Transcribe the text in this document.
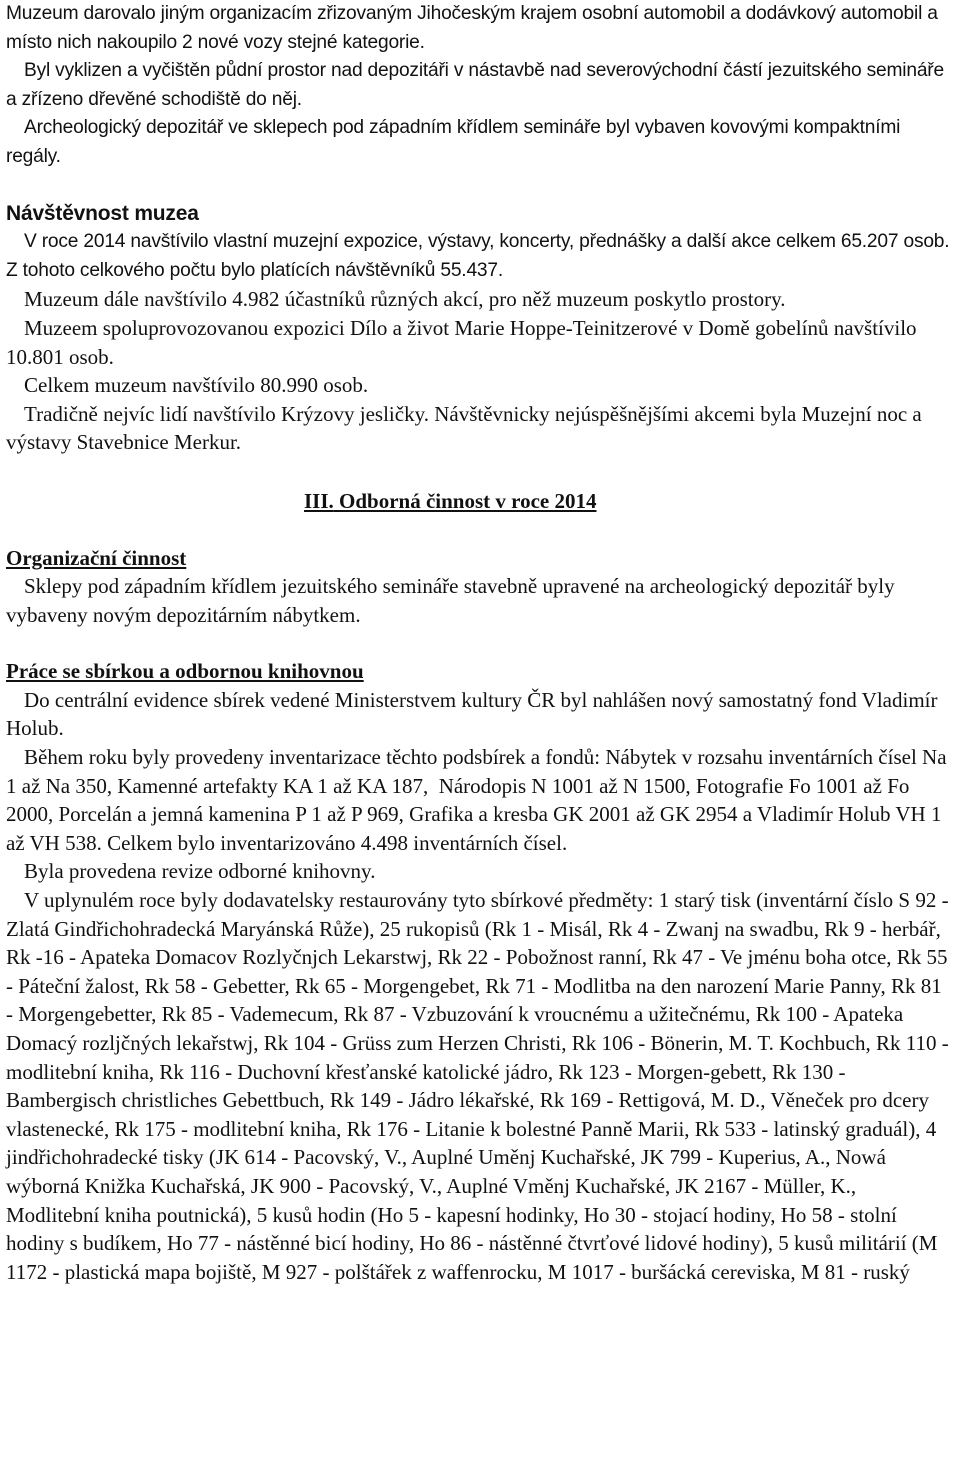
Muzeum darovalo jiným organizacím zřizovaným Jihočeským krajem osobní automobil a dodávkový automobil a místo nich nakoupilo 2 nové vozy stejné kategorie.

Byl vyklizen a vyčištěn půdní prostor nad depozitáři v nástavbě nad severovýchodní částí jezuitského semináře a zřízeno dřevěné schodiště do něj.

Archeologický depozitář ve sklepech pod západním křídlem semináře byl vybaven kovovými kompaktními regály.

Návštěvnost muzea

V roce 2014 navštívilo vlastní muzejní expozice, výstavy, koncerty, přednášky a další akce celkem 65.207 osob. Z tohoto celkového počtu bylo platících návštěvníků 55.437.

Muzeum dále navštívilo 4.982 účastníků různých akcí, pro něž muzeum poskytlo prostory.

Muzeem spoluprovozovanou expozici Dílo a život Marie Hoppe-Teinitzerové v Domě gobelínů navštívilo 10.801 osob.

Celkem muzeum navštívilo 80.990 osob.

Tradičně nejvíc lidí navštívilo Krýzovy jesličky. Návštěvnicky nejúspěšnějšími akcemi byla Muzejní noc a
výstavy Stavebnice Merkur.

III. Odborná činnost v roce 2014

Organizační činnost

Sklepy pod západním křídlem jezuitského semináře stavebně upravené na archeologický depozitář byly vybaveny novým depozitárním nábytkem.

Práce se sbírkou a odbornou knihovnou

Do centrální evidence sbírek vedené Ministerstvem kultury ČR byl nahlášen nový samostatný fond Vladimír Holub.

Během roku byly provedeny inventarizace těchto podsbírek a fondů: Nábytek v rozsahu inventárních čísel Na 1 až Na 350, Kamenné artefakty KA 1 až KA 187,  Národopis N 1001 až N 1500, Fotografie Fo 1001 až Fo 2000, Porcelán a jemná kamenina P 1 až P 969, Grafika a kresba GK 2001 až GK 2954 a Vladimír Holub VH 1 až VH 538. Celkem bylo inventarizováno 4.498 inventárních čísel.

Byla provedena revize odborné knihovny.

V uplynulém roce byly dodavatelsky restaurovány tyto sbírkové předměty: 1 starý tisk (inventární číslo S 92 - Zlatá Gindřichohradecká Maryánská Růže), 25 rukopisů (Rk 1 - Misál, Rk 4 - Zwanj na swadbu, Rk 9 - herbář, Rk -16 - Apateka Domacov Rozlyčnjch Lekarstwj, Rk 22 - Pobožnost ranní, Rk 47 - Ve jménu boha otce, Rk 55 - Páteční žalost, Rk 58 - Gebetter, Rk 65 - Morgengebet, Rk 71 - Modlitba na den narození Marie Panny, Rk 81 - Morgengebetter, Rk 85 - Vademecum, Rk 87 - Vzbuzování k vroucnému a užitečnému, Rk 100 - Apateka Domacý rozljčných lekařstwj, Rk 104 - Grüss zum Herzen Christi, Rk 106 - Bönerin, M. T. Kochbuch, Rk 110 - modlitební kniha, Rk 116 - Duchovní křesťanské katolické jádro, Rk 123 - Morgen-gebett, Rk 130 - Bambergisch christliches Gebettbuch, Rk 149 - Jádro lékařské, Rk 169 - Rettigová, M. D., Věneček pro dcery vlastenecké, Rk 175 - modlitební kniha, Rk 176 - Litanie k bolestné Panně Marii, Rk 533 - latinský graduál), 4 jindřichohradecké tisky (JK 614 - Pacovský, V., Auplné Uměnj Kuchařské, JK 799 - Kuperius, A., Nowá wýborná Knižka Kuchařská, JK 900 - Pacovský, V., Auplné Vměnj Kuchařské, JK 2167 - Müller, K., Modlitební kniha poutnická), 5 kusů hodin (Ho 5 - kapesní hodinky, Ho 30 - stojací hodiny, Ho 58 - stolní hodiny s budíkem, Ho 77 - nástěnné bicí hodiny, Ho 86 - nástěnné čtvrťové lidové hodiny), 5 kusů militárií (M 1172 - plastická mapa bojiště, M 927 - polštářek z waffenrocku, M 1017 - buršácká cereviska, M 81 - ruský
